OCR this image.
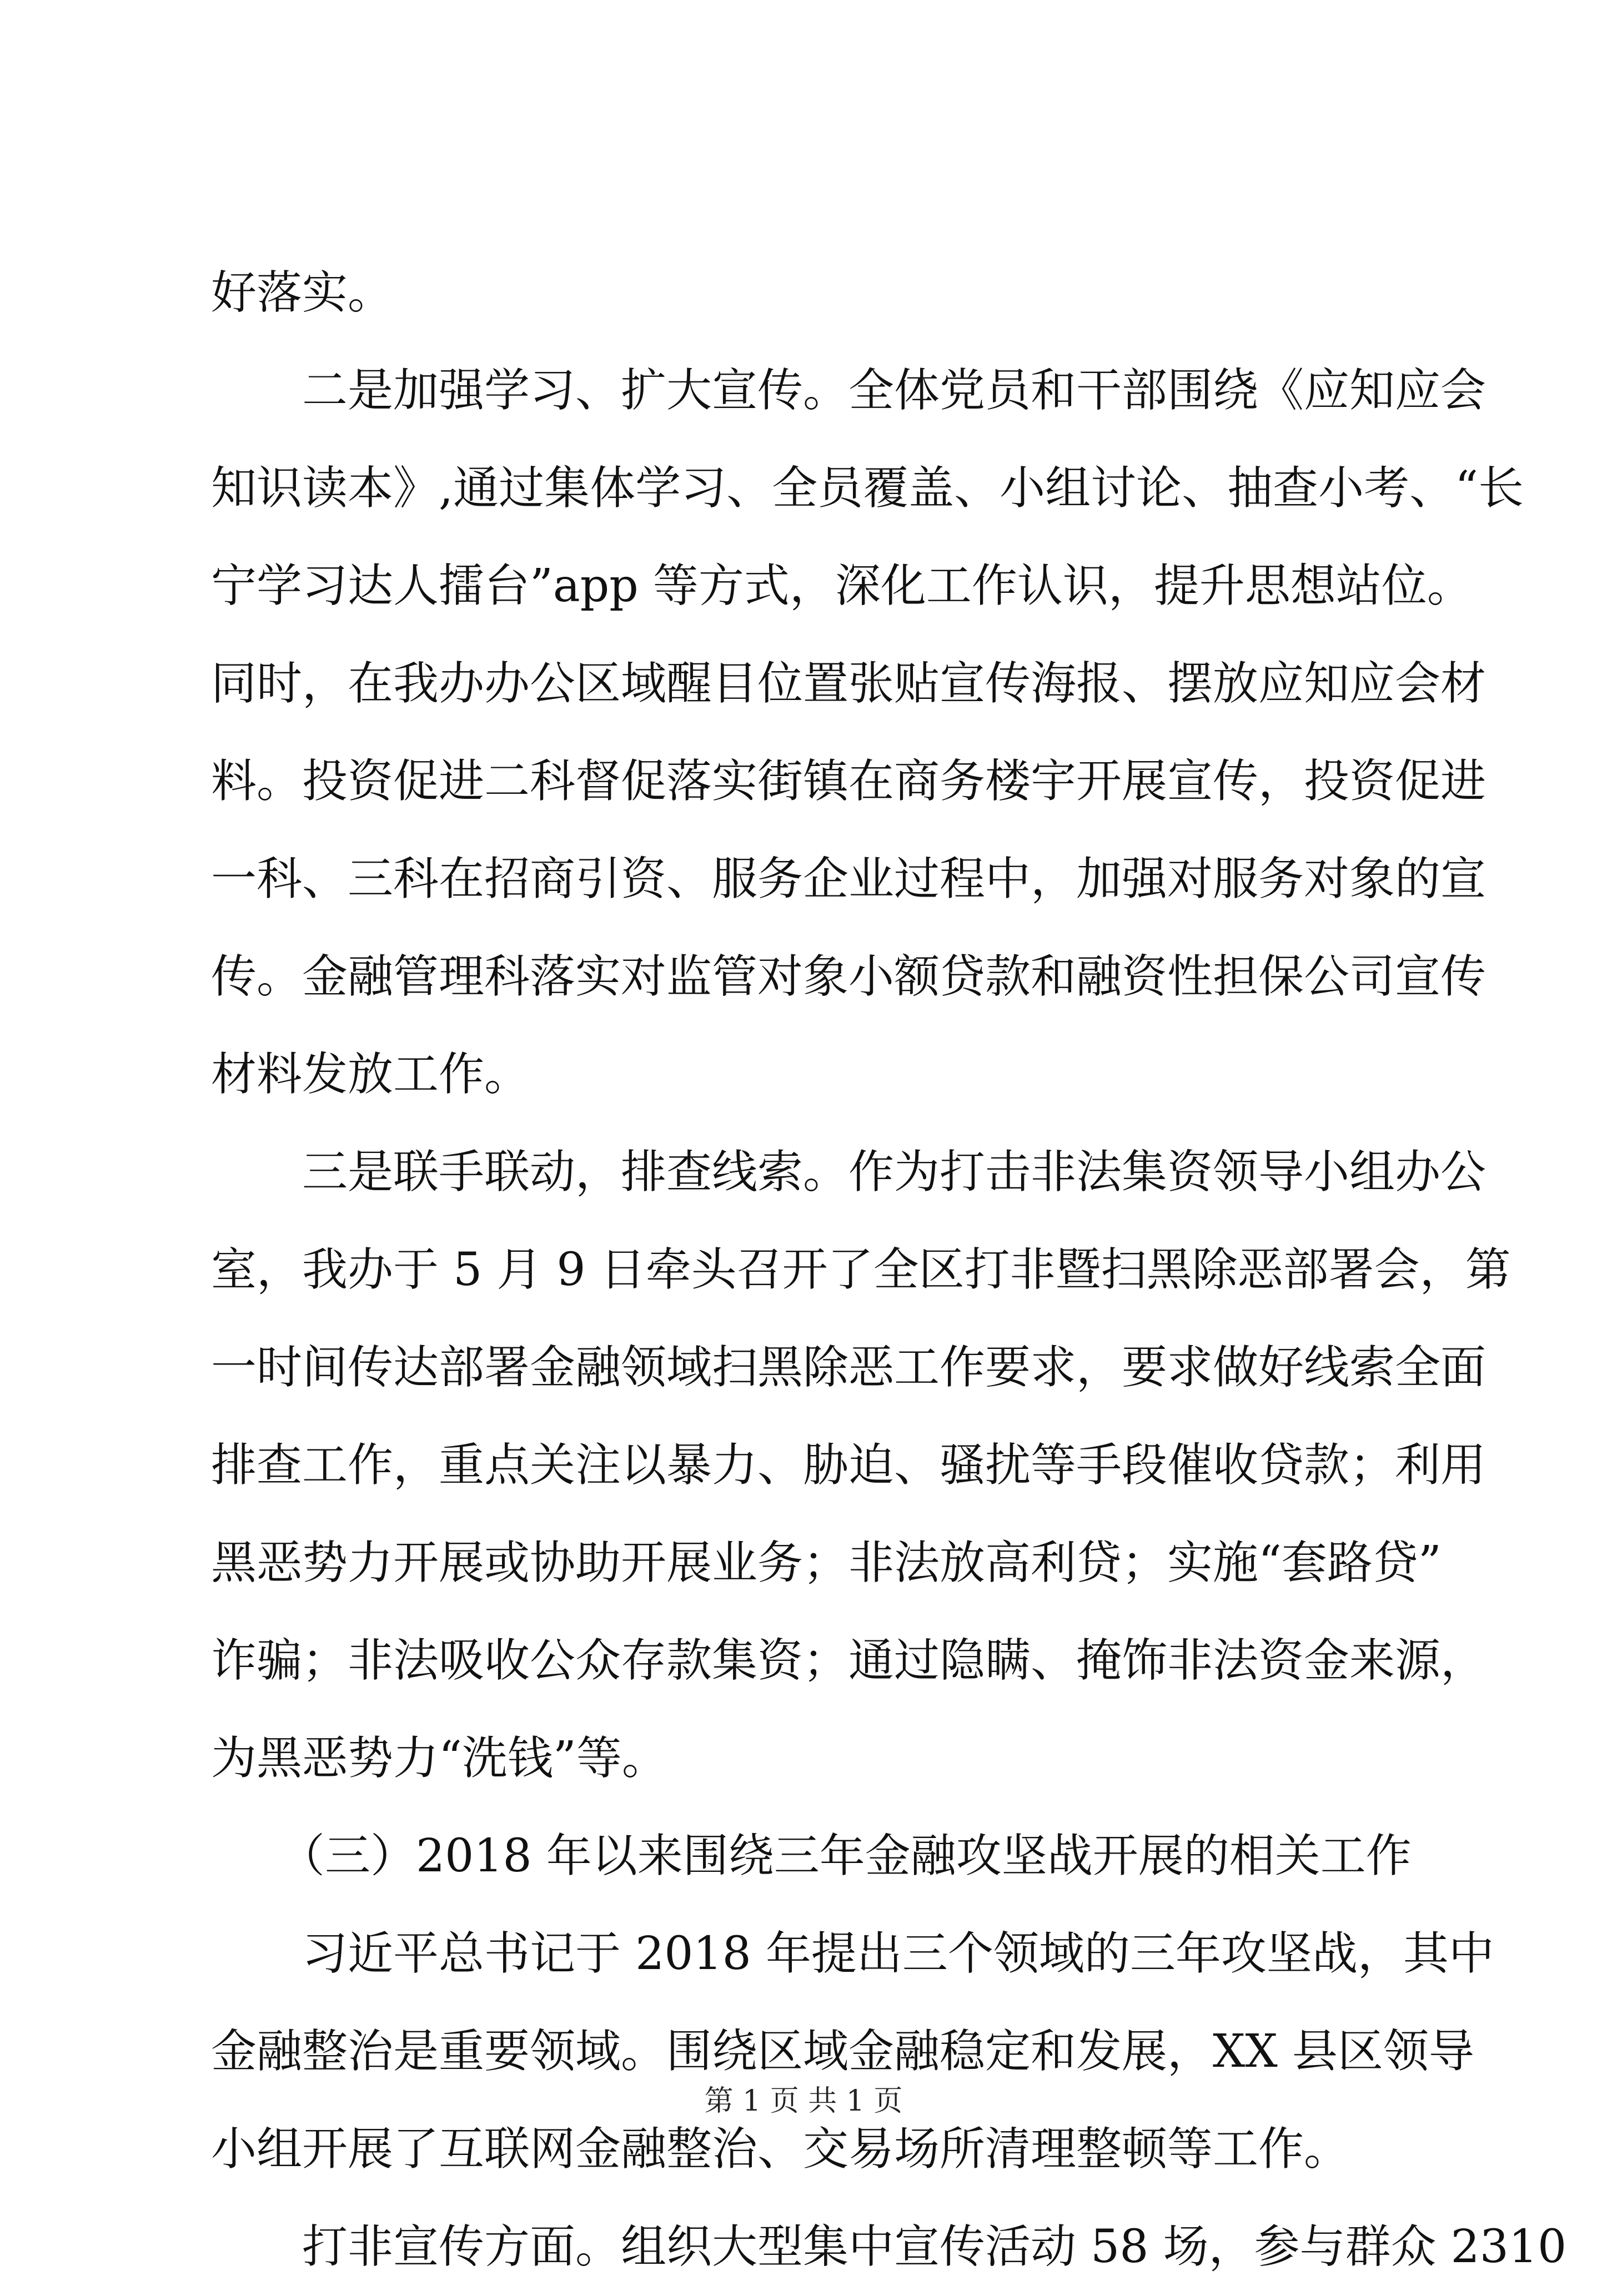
好落实。
　　二是加强学习、扩大宣传。全体党员和干部围绕《应知应会
知识读本》,通过集体学习、全员覆盖、小组讨论、抽查小考、“长
宁学习达人擂台”app 等方式，深化工作认识，提升思想站位。
同时，在我办办公区域醒目位置张贴宣传海报、摆放应知应会材
料。投资促进二科督促落实街镇在商务楼宇开展宣传，投资促进
一科、三科在招商引资、服务企业过程中，加强对服务对象的宣
传。金融管理科落实对监管对象小额贷款和融资性担保公司宣传
材料发放工作。
　　三是联手联动，排查线索。作为打击非法集资领导小组办公
室，我办于 5 月 9 日牵头召开了全区打非暨扫黑除恶部署会，第
一时间传达部署金融领域扫黑除恶工作要求，要求做好线索全面
排查工作，重点关注以暴力、胁迫、骚扰等手段催收贷款；利用
黑恶势力开展或协助开展业务；非法放高利贷；实施“套路贷”
诈骗；非法吸收公众存款集资；通过隐瞒、掩饰非法资金来源，
为黑恶势力“洗钱”等。
　　（三）2018 年以来围绕三年金融攻坚战开展的相关工作
　　习近平总书记于 2018 年提出三个领域的三年攻坚战，其中
金融整治是重要领域。围绕区域金融稳定和发展，XX 县区领导
小组开展了互联网金融整治、交易场所清理整顿等工作。
　　打非宣传方面。组织大型集中宣传活动 58 场，参与群众 2310
第 1 页 共 1 页
